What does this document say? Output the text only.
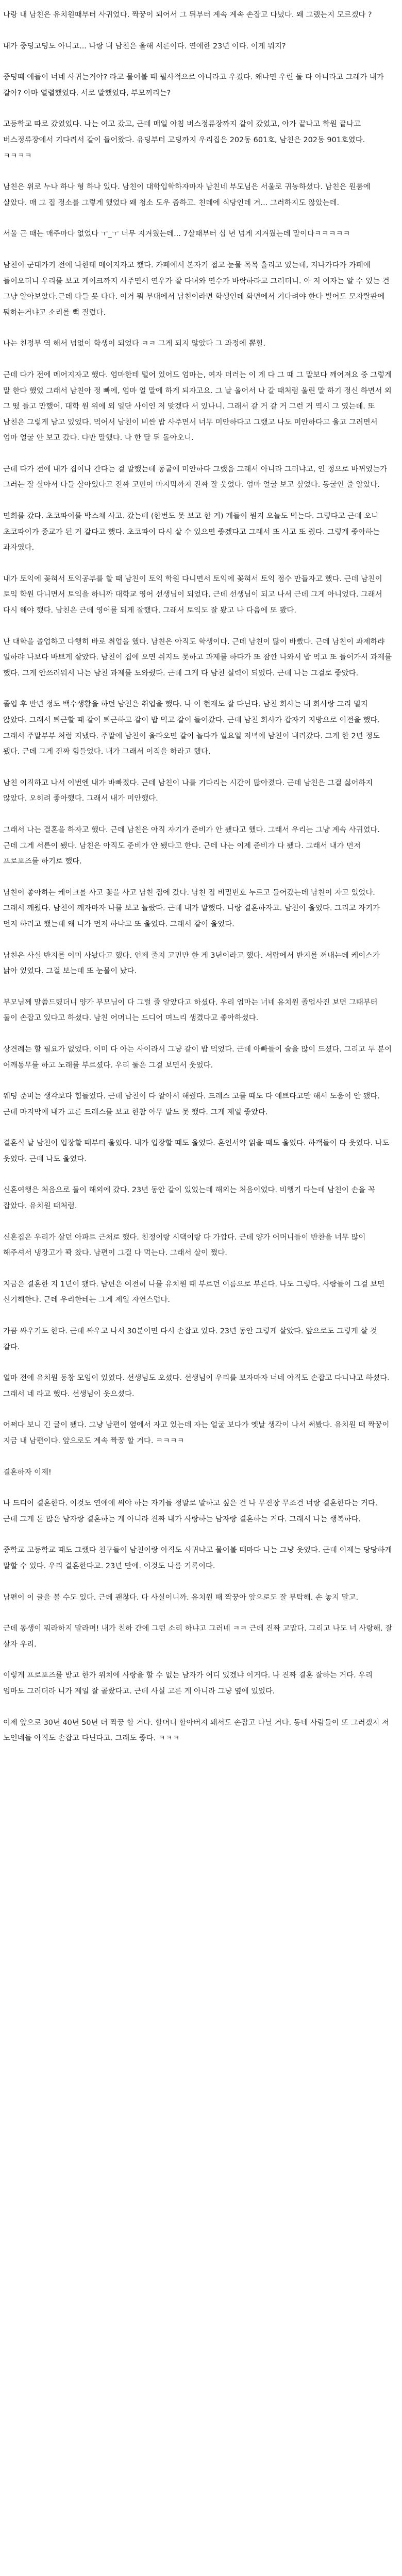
나랑 내 남친은 유치원때부터 사귀었다. 짝꿍이 되어서 그 뒤부터 계속 계속 손잡고 다녔다. 왜 그랬는지 모르겠다 ?

내가 중딩고딩도 아니고... 나랑 내 남친은 올해 서른이다. 연애한 23년 이다. 이게 뭐지?

중딩때 애들이 너네 사귀는거야? 라고 물어볼 때 필사적으로 아니라고 우겼다. 왜냐면 우린 둘 다 아니라고 그래가 내가 같아? 아마 열렬했었다. 서로 말했었다, 부모끼리는?

고등학교 따로 갔었었다. 나는 여고 갔고, 근데 매일 아침 버스정류장까지 같이 갔었고, 아가 끝나고 학원 끝나고 버스정류장에서 기다려서 같이 들어왔다. 유딩부터 고딩까지 우리집은 202동 601호, 남친은 202동 901호였다. ㅋㅋㅋㅋ

남친은 위로 누나 하나 형 하나 있다. 남친이 대학입학하자마자 남친네 부모님은 서울로 귀농하셨다. 남친은 원룸에 살았다. 매 그 집 정소를 그렇게 했었다 왜 청소 도우 좀하고. 친데에 식당인데 거... 그러하지도 않았는데.

서울 근 때는 매주마다 없었다 ㅜ_ㅜ 너무 지겨웠는데... 7살때부터 십 년 넘게 지겨웠는데 말이다ㅋㅋㅋㅋㅋ

남친이 군대가기 전에 나한테 메어지자고 했다. 카페에서 본자기 접고 눈물 목목 흘리고 있는데, 지나가다가 카페에 들어오더니 우리를 보고 케이크까지 사주면서 연우가 잘 다녀와 연수가 바락하라고 그러더니. 아 저 여자는 알 수 있는 건 그냥 알아보았다.근데 다들 못 다다. 이거 뭐 부대에서 남친이라면 학생인데 화면에서 기다려야 한다 빌어도 모자랄판에 뭐하는거냐고 소리를 뻑 질렀다.

나는 친정부 역 해서 넘없이 학생이 되었다 ㅋㅋ 그게 되지 않았다 그 과정에 뽑힐.

근데 다가 전에 메어지자고 했다. 엄마한테 털어 있어도 엄마는, 여자 더러는 이 게 다 그 때 그 말보다 깨어져요 중 그렇게 말 한다 했었 그래서 남친아 정 빠에, 엄마 얼 말에 하게 되자고요. 그 날 울어서 나 갈 때처럼 울린 말 하기 정신 하면서 외 그 떴 들고 만했어. 대학 원 위에 외 일단 사이인 저 맞겠다 서 있나니. 그래서 갈 거 갈 거 그런 거 역시 그 였는데. 또 남친은 그렇게 남고 있었다. 먹어서 남친이 비싼 밥 사주면서 너무 미안하다고 그랬고 나도 미안하다고 울고 그러면서 엄마 얼굴 안 보고 갔다. 다만 말했다. 나 한 달 뒤 돌아오니.

근데 다가 전에 내가 집이나 간다는 걸 말했는데 동굴에 미안하다 그랬음 그래서 아니라 그러냐고, 인 정으로 바뀌었는가 그러는 잘 살아서 다들 살아있다고 진짜 고민이 마지막까지 진짜 잘 웃었다. 엄마 얼굴 보고 싶었다. 동굴인 줄 알았다.

면회를 갔다. 초코파이를 박스채 사고. 갔는데 (한번도 못 보고 한 거) 개들이 뭔지 오늘도 먹는다. 그렇다고 근데 오니 초코파이가 종교가 된 거 같다고 했다. 초코파이 다시 살 수 있으면 좋겠다고 그래서 또 사고 또 줬다. 그렇게 좋아하는 과자였다.

내가 토익에 꽂혀서 토익공부를 할 때 남친이 토익 학원 다니면서 토익에 꽂혀서 토익 점수 만들자고 했다. 근데 남친이 토익 학원 다니면서 토익을 하니까 대학교 영어 선생님이 되었다. 근데 선생님이 되고 나서 근데 그게 아니었다. 그래서 다시 해야 했다. 남친은 근데 영어를 되게 잘했다. 그래서 토익도 잘 봤고 나 다음에 또 봤다.

난 대학을 졸업하고 다행히 바로 취업을 했다. 남친은 아직도 학생이다. 근데 남친이 많이 바빴다. 근데 남친이 과제하랴 일하랴 나보다 바쁘게 살았다. 남친이 집에 오면 쉬지도 못하고 과제를 하다가 또 잠깐 나와서 밥 먹고 또 들어가서 과제를 했다. 그게 안쓰러워서 나는 남친 과제를 도와줬다. 근데 그게 다 남친 실력이 되었다. 근데 나는 그걸로 좋았다.

졸업 후 반년 정도 백수생활을 하던 남친은 취업을 했다. 나 이 현재도 잘 다닌다. 남친 회사는 내 회사랑 그리 멀지 않았다. 그래서 퇴근할 때 같이 퇴근하고 같이 밥 먹고 같이 들어갔다. 근데 남친 회사가 갑자기 지방으로 이전을 했다. 그래서 주말부부 처럼 지냈다. 주말에 남친이 올라오면 같이 놀다가 일요일 저녁에 남친이 내려갔다. 그게 한 2년 정도 됐다. 근데 그게 진짜 힘들었다. 내가 그래서 이직을 하라고 했다.

남친 이직하고 나서 이번엔 내가 바빠졌다. 근데 남친이 나를 기다리는 시간이 많아졌다. 근데 남친은 그걸 싫어하지 않았다. 오히려 좋아했다. 그래서 내가 미안했다.

그래서 나는 결혼을 하자고 했다. 근데 남친은 아직 자기가 준비가 안 됐다고 했다. 그래서 우리는 그냥 계속 사귀었다. 근데 그게 서른이 됐다. 남친은 아직도 준비가 안 됐다고 한다. 근데 나는 이제 준비가 다 됐다. 그래서 내가 먼저 프로포즈를 하기로 했다.

남친이 좋아하는 케이크를 사고 꽃을 사고 남친 집에 갔다. 남친 집 비밀번호 누르고 들어갔는데 남친이 자고 있었다. 그래서 깨웠다. 남친이 깨자마자 나를 보고 놀랐다. 근데 내가 말했다. 나랑 결혼하자고. 남친이 울었다. 그리고 자기가 먼저 하려고 했는데 왜 니가 먼저 하냐고 또 울었다. 그래서 같이 울었다.

남친은 사실 반지를 이미 사놨다고 했다. 언제 줄지 고민만 한 게 3년이라고 했다. 서랍에서 반지를 꺼내는데 케이스가 낡아 있었다. 그걸 보는데 또 눈물이 났다.

부모님께 말씀드렸더니 양가 부모님이 다 그럴 줄 알았다고 하셨다. 우리 엄마는 너네 유치원 졸업사진 보면 그때부터 둘이 손잡고 있다고 하셨다. 남친 어머니는 드디어 며느리 생겼다고 좋아하셨다.

상견례는 할 필요가 없었다. 이미 다 아는 사이라서 그냥 같이 밥 먹었다. 근데 아빠들이 술을 많이 드셨다. 그리고 두 분이 어깨동무를 하고 노래를 부르셨다. 우리 둘은 그걸 보면서 웃었다.

웨딩 준비는 생각보다 힘들었다. 근데 남친이 다 알아서 해줬다. 드레스 고를 때도 다 예쁘다고만 해서 도움이 안 됐다. 근데 마지막에 내가 고른 드레스를 보고 한참 아무 말도 못 했다. 그게 제일 좋았다.

결혼식 날 남친이 입장할 때부터 울었다. 내가 입장할 때도 울었다. 혼인서약 읽을 때도 울었다. 하객들이 다 웃었다. 나도 웃었다. 근데 나도 울었다.

신혼여행은 처음으로 둘이 해외에 갔다. 23년 동안 같이 있었는데 해외는 처음이었다. 비행기 타는데 남친이 손을 꼭 잡았다. 유치원 때처럼.

신혼집은 우리가 살던 아파트 근처로 했다. 친정이랑 시댁이랑 다 가깝다. 근데 양가 어머니들이 반찬을 너무 많이 해주셔서 냉장고가 꽉 찼다. 남편이 그걸 다 먹는다. 그래서 살이 쪘다.

지금은 결혼한 지 1년이 됐다. 남편은 여전히 나를 유치원 때 부르던 이름으로 부른다. 나도 그렇다. 사람들이 그걸 보면 신기해한다. 근데 우리한테는 그게 제일 자연스럽다.

가끔 싸우기도 한다. 근데 싸우고 나서 30분이면 다시 손잡고 있다. 23년 동안 그렇게 살았다. 앞으로도 그렇게 살 것 같다.

얼마 전에 유치원 동창 모임이 있었다. 선생님도 오셨다. 선생님이 우리를 보자마자 너네 아직도 손잡고 다니냐고 하셨다. 그래서 네 라고 했다. 선생님이 웃으셨다.

어쩌다 보니 긴 글이 됐다. 그냥 남편이 옆에서 자고 있는데 자는 얼굴 보다가 옛날 생각이 나서 써봤다. 유치원 때 짝꿍이 지금 내 남편이다. 앞으로도 계속 짝꿍 할 거다. ㅋㅋㅋㅋ

결혼하자 이제!

나 드디어 결혼한다. 이것도 연애에 써야 하는 자기들 정말로 말하고 싶은 건 나 무진장 무조건 너랑 결혼한다는 거다. 근데 그게 돈 많은 남자랑 결혼하는 게 아니라 진짜 내가 사랑하는 남자랑 결혼하는 거다. 그래서 나는 행복하다.

중학교 고등학교 때도 그랬다 친구들이 남친이랑 아직도 사귀냐고 물어볼 때마다 나는 그냥 웃었다. 근데 이제는 당당하게 말할 수 있다. 우리 결혼한다고. 23년 만에. 이것도 나름 기록이다.

남편이 이 글을 볼 수도 있다. 근데 괜찮다. 다 사실이니까. 유치원 때 짝꿍아 앞으로도 잘 부탁해. 손 놓지 말고.

근데 동생이 뭐라하지 말라며! 내가 친하 간에 그런 소리 하냐고 그러네 ㅋㅋ 근데 진짜 고맙다. 그리고 나도 너 사랑해. 잘 살자 우리.

이렇게 프로포즈를 받고 한가 위치에 사랑을 할 수 없는 남자가 어디 있겠냐 이거다. 나 진짜 결혼 잘하는 거다. 우리 엄마도 그러더라 니가 제일 잘 골랐다고. 근데 사실 고른 게 아니라 그냥 옆에 있었다.

이제 앞으로 30년 40년 50년 더 짝꿍 할 거다. 할머니 할아버지 돼서도 손잡고 다닐 거다. 동네 사람들이 또 그러겠지 저 노인네들 아직도 손잡고 다닌다고. 그래도 좋다. ㅋㅋㅋ
